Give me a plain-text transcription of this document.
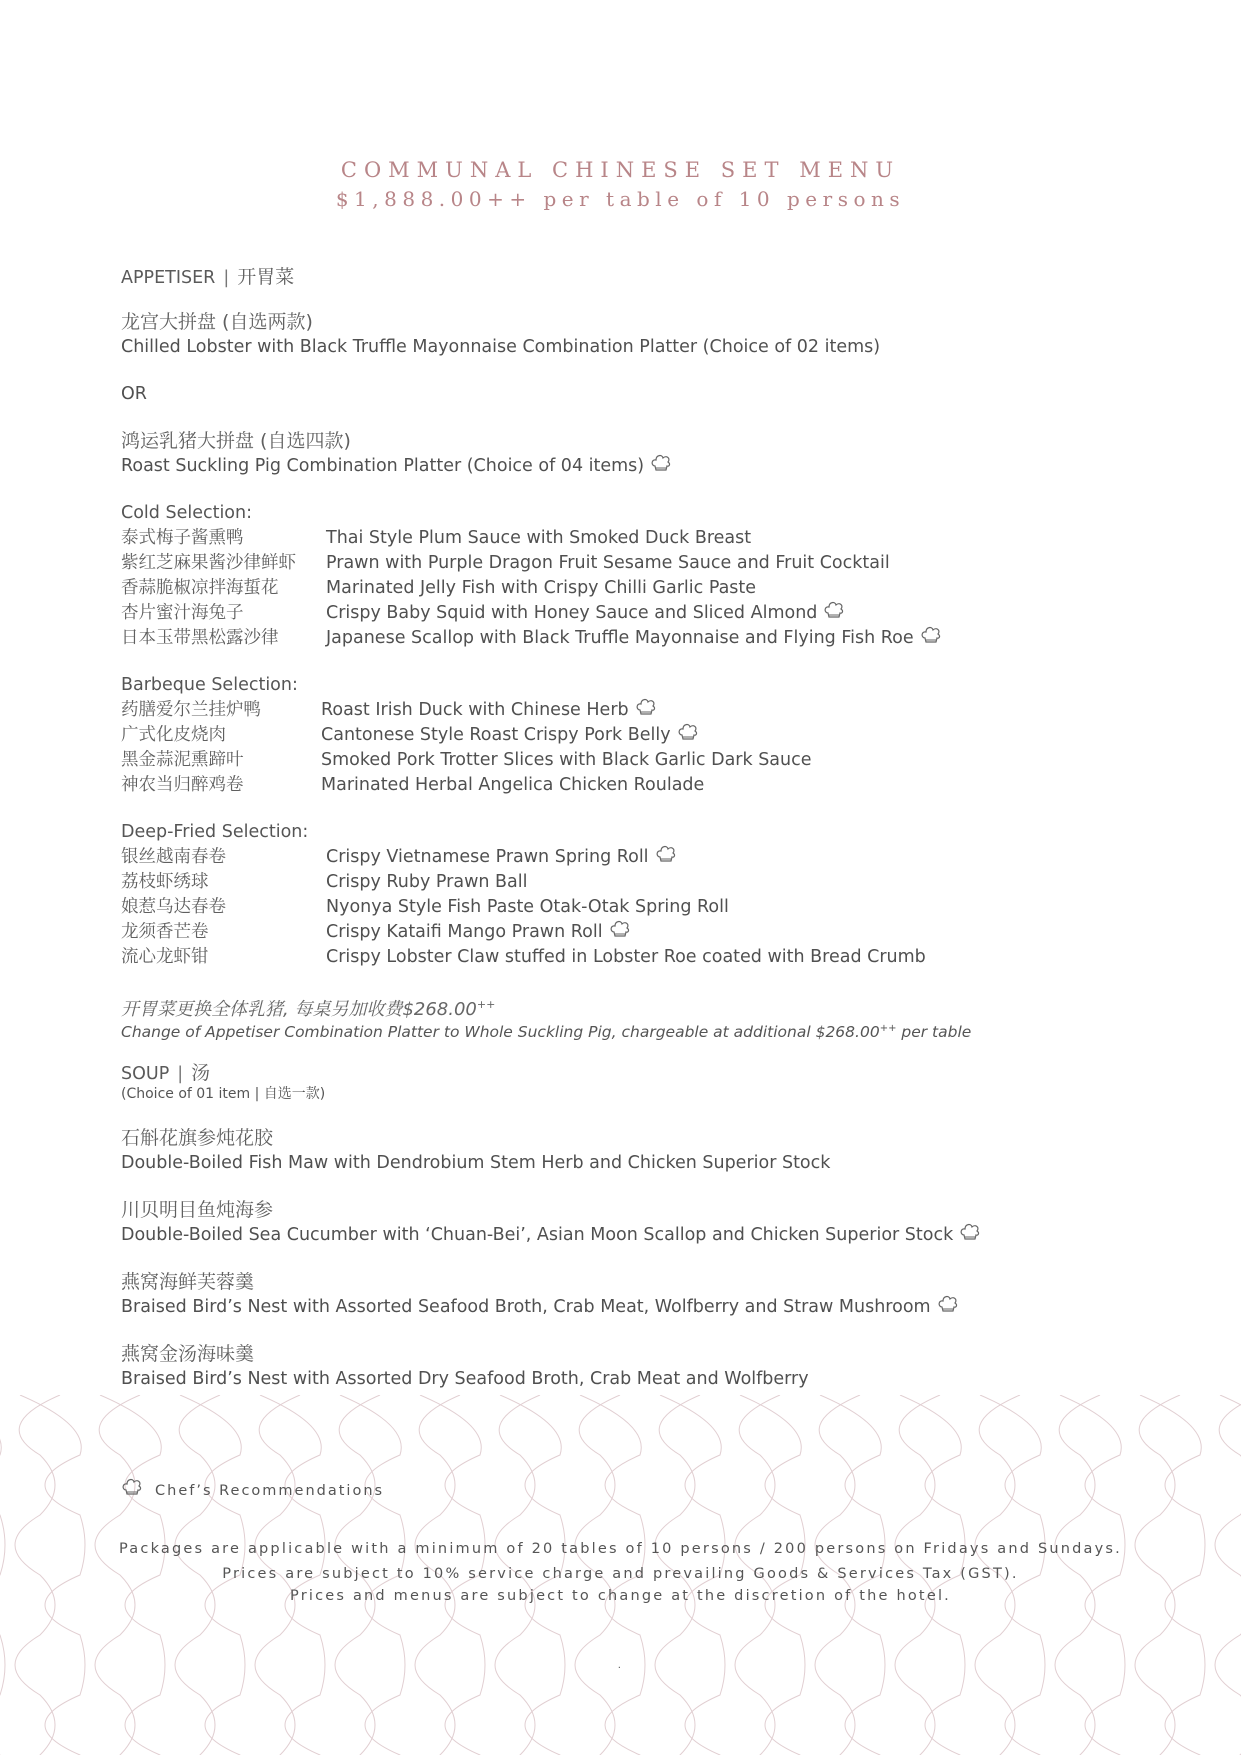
COMMUNAL CHINESE SET MENU
$1,888.00++ per table of 10 persons
APPETISER | 开胃菜
龙宫大拼盘 (自选两款)
Chilled Lobster with Black Truffle Mayonnaise Combination Platter (Choice of 02 items)
OR
鸿运乳猪大拼盘 (自选四款)
Roast Suckling Pig Combination Platter (Choice of 04 items)
Cold Selection:
泰式梅子酱熏鸭	Thai Style Plum Sauce with Smoked Duck Breast
紫红芝麻果酱沙律鲜虾	Prawn with Purple Dragon Fruit Sesame Sauce and Fruit Cocktail
香蒜脆椒凉拌海蜇花	Marinated Jelly Fish with Crispy Chilli Garlic Paste
杏片蜜汁海兔子	Crispy Baby Squid with Honey Sauce and Sliced Almond
日本玉带黑松露沙律	Japanese Scallop with Black Truffle Mayonnaise and Flying Fish Roe
Barbeque Selection:
药膳爱尔兰挂炉鸭	Roast Irish Duck with Chinese Herb
广式化皮烧肉	Cantonese Style Roast Crispy Pork Belly
黑金蒜泥熏蹄叶	Smoked Pork Trotter Slices with Black Garlic Dark Sauce
神农当归醉鸡卷	Marinated Herbal Angelica Chicken Roulade
Deep-Fried Selection:
银丝越南春卷	Crispy Vietnamese Prawn Spring Roll
荔枝虾绣球	Crispy Ruby Prawn Ball
娘惹乌达春卷	Nyonya Style Fish Paste Otak-Otak Spring Roll
龙须香芒卷	Crispy Kataifi Mango Prawn Roll
流心龙虾钳	Crispy Lobster Claw stuffed in Lobster Roe coated with Bread Crumb
开胃菜更换全体乳猪, 每桌另加收费$268.00++
Change of Appetiser Combination Platter to Whole Suckling Pig, chargeable at additional $268.00++ per table
SOUP | 汤
(Choice of 01 item | 自选一款)
石斛花旗参炖花胶
Double-Boiled Fish Maw with Dendrobium Stem Herb and Chicken Superior Stock
川贝明目鱼炖海参
Double-Boiled Sea Cucumber with ‘Chuan-Bei’, Asian Moon Scallop and Chicken Superior Stock
燕窝海鲜芙蓉羹
Braised Bird’s Nest with Assorted Seafood Broth, Crab Meat, Wolfberry and Straw Mushroom
燕窝金汤海味羹
Braised Bird’s Nest with Assorted Dry Seafood Broth, Crab Meat and Wolfberry
Chef’s Recommendations
Packages are applicable with a minimum of 20 tables of 10 persons / 200 persons on Fridays and Sundays.
Prices are subject to 10% service charge and prevailing Goods & Services Tax (GST).
Prices and menus are subject to change at the discretion of the hotel.
.
